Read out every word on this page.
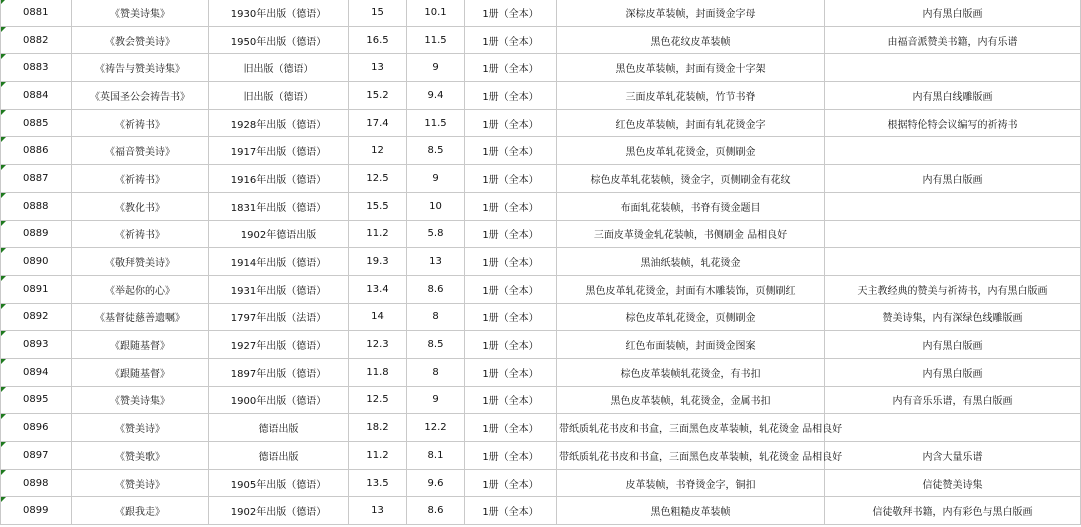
0881	《赞美诗集》	1930年出版（德语）	15	10.1	1册（全本）	深棕皮革装帧，封面烫金字母	内有黑白版画
0882	《教会赞美诗》	1950年出版（德语）	16.5	11.5	1册（全本）	黑色花纹皮革装帧	由福音派赞美书籍，内有乐谱
0883	《祷告与赞美诗集》	旧出版（德语）	13	9	1册（全本）	黑色皮革装帧，封面有烫金十字架	
0884	《英国圣公会祷告书》	旧出版（德语）	15.2	9.4	1册（全本）	三面皮革轧花装帧，竹节书脊	内有黑白线雕版画
0885	《祈祷书》	1928年出版（德语）	17.4	11.5	1册（全本）	红色皮革装帧，封面有轧花烫金字	根据特伦特会议编写的祈祷书
0886	《福音赞美诗》	1917年出版（德语）	12	8.5	1册（全本）	黑色皮革轧花烫金，页侧刷金	
0887	《祈祷书》	1916年出版（德语）	12.5	9	1册（全本）	棕色皮革轧花装帧，烫金字，页侧刷金有花纹	内有黑白版画
0888	《教化书》	1831年出版（德语）	15.5	10	1册（全本）	布面轧花装帧，书脊有烫金题目	
0889	《祈祷书》	1902年德语出版	11.2	5.8	1册（全本）	三面皮革烫金轧花装帧，书侧刷金 品相良好	
0890	《敬拜赞美诗》	1914年出版（德语）	19.3	13	1册（全本）	黑油纸装帧，轧花烫金	
0891	《举起你的心》	1931年出版（德语）	13.4	8.6	1册（全本）	黑色皮革轧花烫金，封面有木雕装饰，页侧刷红	天主教经典的赞美与祈祷书，内有黑白版画
0892	《基督徒慈善遗嘱》	1797年出版（法语）	14	8	1册（全本）	棕色皮革轧花烫金，页侧刷金	赞美诗集，内有深绿色线雕版画
0893	《跟随基督》	1927年出版（德语）	12.3	8.5	1册（全本）	红色布面装帧，封面烫金图案	内有黑白版画
0894	《跟随基督》	1897年出版（德语）	11.8	8	1册（全本）	棕色皮革装帧轧花烫金，有书扣	内有黑白版画
0895	《赞美诗集》	1900年出版（德语）	12.5	9	1册（全本）	黑色皮革装帧，轧花烫金，金属书扣	内有音乐乐谱，有黑白版画
0896	《赞美诗》	德语出版	18.2	12.2	1册（全本）	带纸质轧花书皮和书盒，三面黑色皮革装帧，轧花烫金 品相良好	
0897	《赞美歌》	德语出版	11.2	8.1	1册（全本）	带纸质轧花书皮和书盒，三面黑色皮革装帧，轧花烫金 品相良好	内含大量乐谱
0898	《赞美诗》	1905年出版（德语）	13.5	9.6	1册（全本）	皮革装帧，书脊烫金字，铜扣	信徒赞美诗集
0899	《跟我走》	1902年出版（德语）	13	8.6	1册（全本）	黑色粗糙皮革装帧	信徒敬拜书籍，内有彩色与黑白版画
